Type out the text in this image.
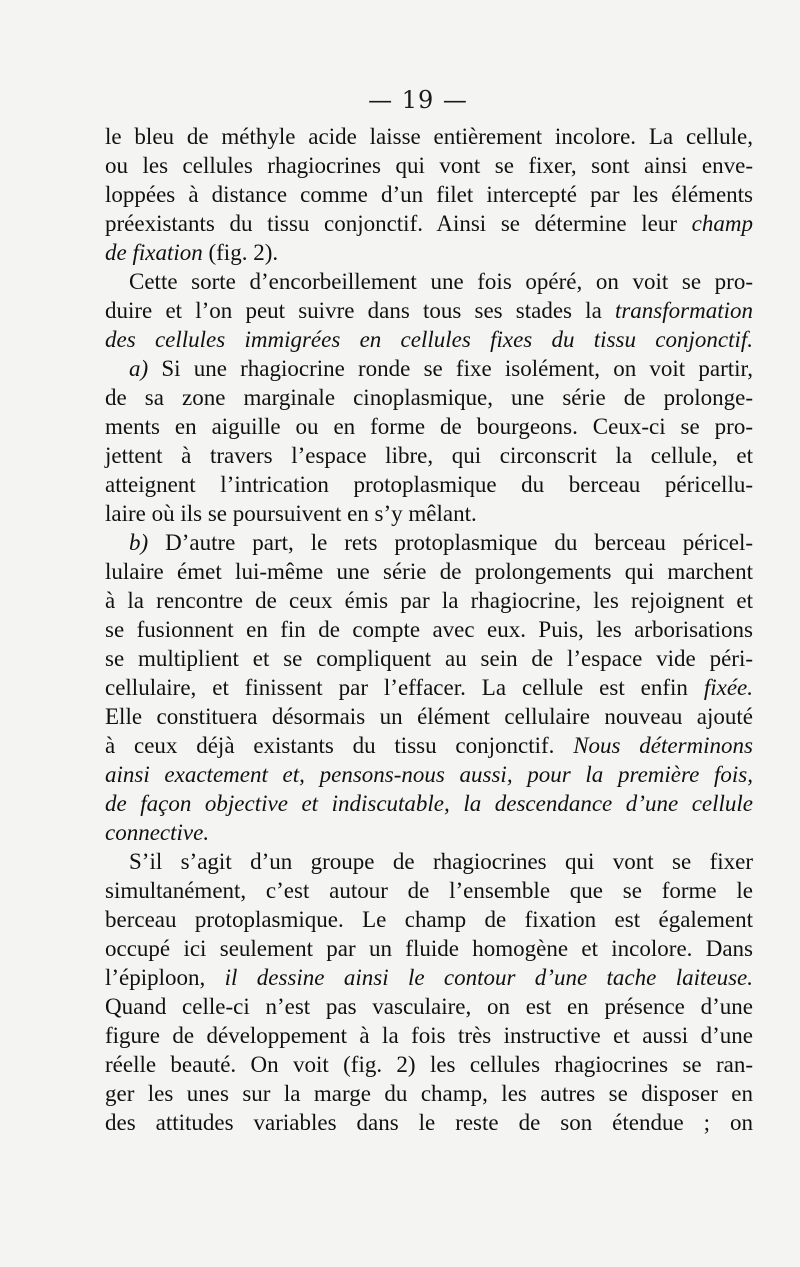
— 19 —
le bleu de méthyle acide laisse entièrement incolore. La cellule,
ou les cellules rhagiocrines qui vont se fixer, sont ainsi enve-
loppées à distance comme d’un filet intercepté par les éléments
préexistants du tissu conjonctif. Ainsi se détermine leur champ
de fixation (fig. 2).
Cette sorte d’encorbeillement une fois opéré, on voit se pro-
duire et l’on peut suivre dans tous ses stades la transformation
des cellules immigrées en cellules fixes du tissu conjonctif.
a) Si une rhagiocrine ronde se fixe isolément, on voit partir,
de sa zone marginale cinoplasmique, une série de prolonge-
ments en aiguille ou en forme de bourgeons. Ceux-ci se pro-
jettent à travers l’espace libre, qui circonscrit la cellule, et
atteignent l’intrication protoplasmique du berceau péricellu-
laire où ils se poursuivent en s’y mêlant.
b) D’autre part, le rets protoplasmique du berceau péricel-
lulaire émet lui-même une série de prolongements qui marchent
à la rencontre de ceux émis par la rhagiocrine, les rejoignent et
se fusionnent en fin de compte avec eux. Puis, les arborisations
se multiplient et se compliquent au sein de l’espace vide péri-
cellulaire, et finissent par l’effacer. La cellule est enfin fixée.
Elle constituera désormais un élément cellulaire nouveau ajouté
à ceux déjà existants du tissu conjonctif. Nous déterminons
ainsi exactement et, pensons-nous aussi, pour la première fois,
de façon objective et indiscutable, la descendance d’une cellule
connective.
S’il s’agit d’un groupe de rhagiocrines qui vont se fixer
simultanément, c’est autour de l’ensemble que se forme le
berceau protoplasmique. Le champ de fixation est également
occupé ici seulement par un fluide homogène et incolore. Dans
l’épiploon, il dessine ainsi le contour d’une tache laiteuse.
Quand celle-ci n’est pas vasculaire, on est en présence d’une
figure de développement à la fois très instructive et aussi d’une
réelle beauté. On voit (fig. 2) les cellules rhagiocrines se ran-
ger les unes sur la marge du champ, les autres se disposer en
des attitudes variables dans le reste de son étendue ; on
